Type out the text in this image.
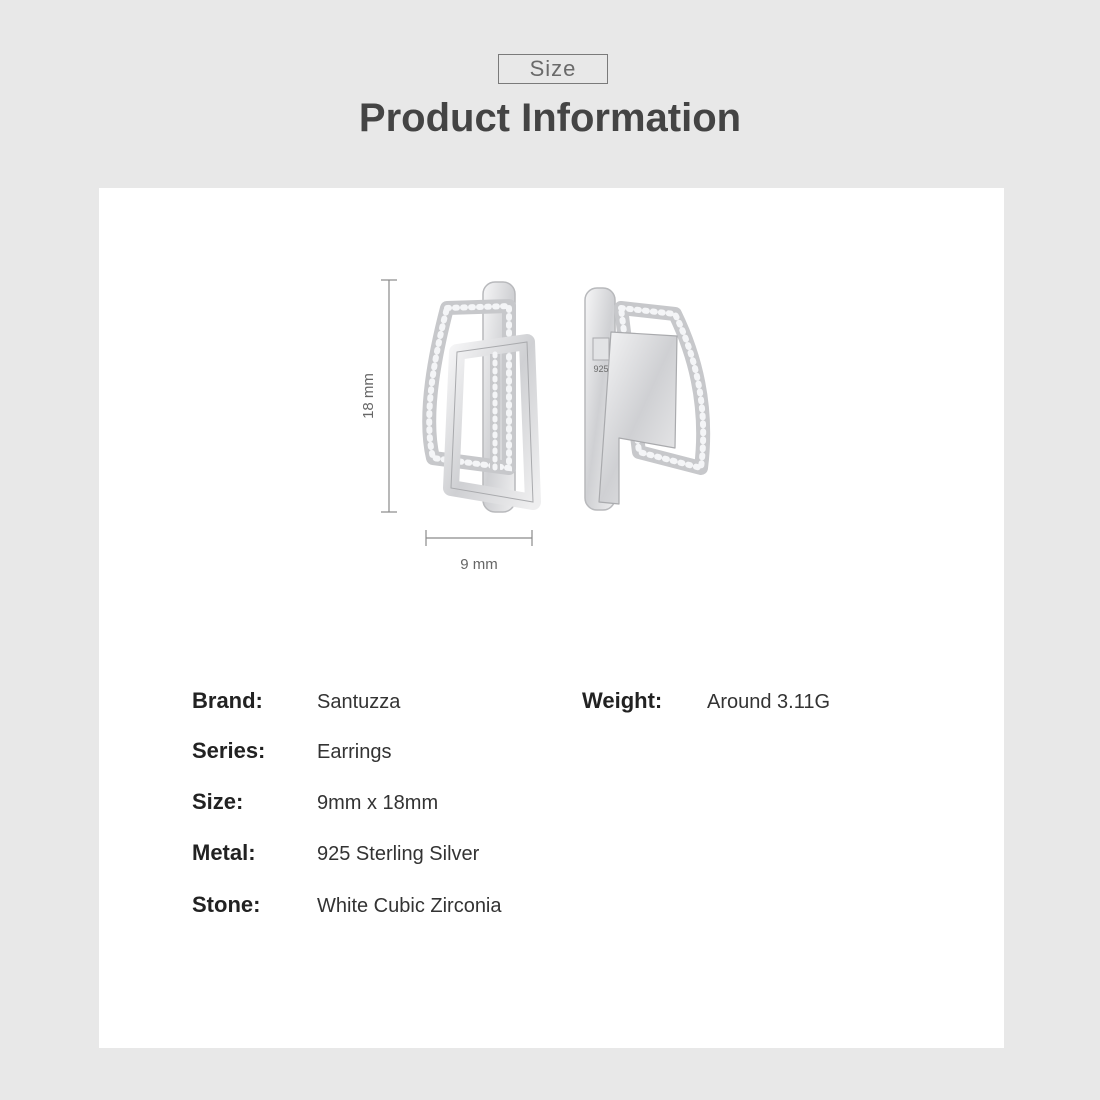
Size
Product Information
18 mm
9 mm
925
Brand:	Santuzza
Series:	Earrings
Size:	9mm x 18mm
Metal:	925 Sterling Silver
Stone:	White Cubic Zirconia
Weight: Around 3.11G
